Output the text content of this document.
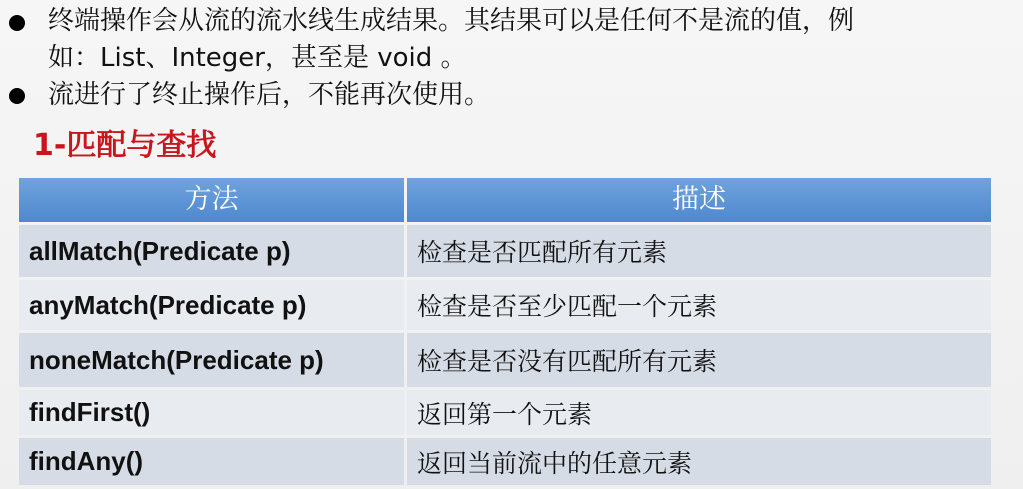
终端操作会从流的流水线生成结果。其结果可以是任何不是流的值，例
如：List、Integer，甚至是 void 。
流进行了终止操作后，不能再次使用。
1-匹配与查找
方法	描述
allMatch(Predicate p)	检查是否匹配所有元素
anyMatch(Predicate p)	检查是否至少匹配一个元素
noneMatch(Predicate p)	检查是否没有匹配所有元素
findFirst()	返回第一个元素
findAny()	返回当前流中的任意元素
